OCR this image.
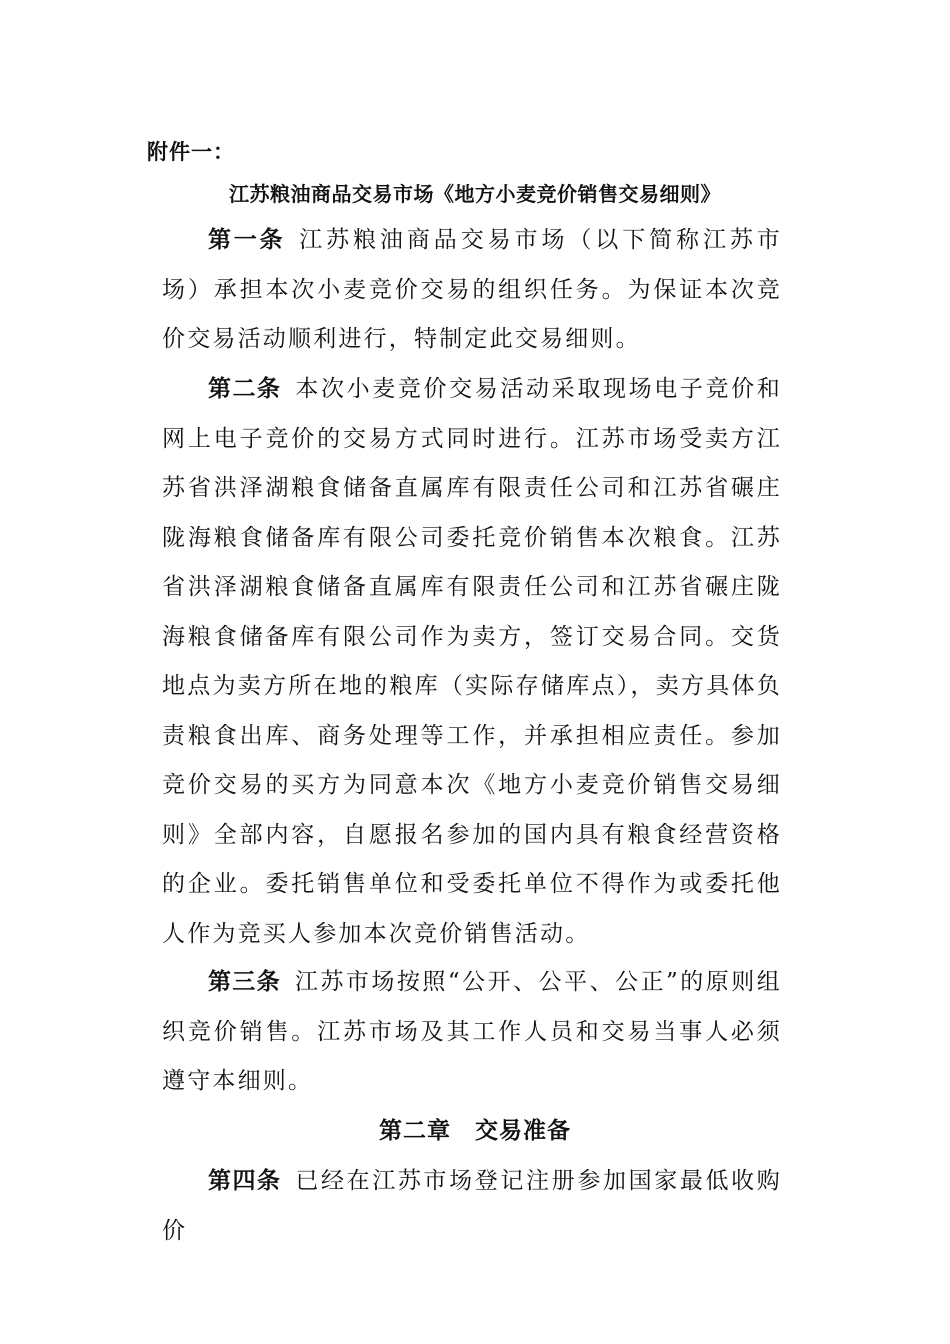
附件一：
江苏粮油商品交易市场《地方小麦竞价销售交易细则》

第一条 江苏粮油商品交易市场（以下简称江苏市场）承担本次小麦竞价交易的组织任务。为保证本次竞价交易活动顺利进行，特制定此交易细则。

第二条 本次小麦竞价交易活动采取现场电子竞价和网上电子竞价的交易方式同时进行。江苏市场受卖方江苏省洪泽湖粮食储备直属库有限责任公司和江苏省碾庄陇海粮食储备库有限公司委托竞价销售本次粮食。江苏省洪泽湖粮食储备直属库有限责任公司和江苏省碾庄陇海粮食储备库有限公司作为卖方，签订交易合同。交货地点为卖方所在地的粮库（实际存储库点），卖方具体负责粮食出库、商务处理等工作，并承担相应责任。参加竞价交易的买方为同意本次《地方小麦竞价销售交易细则》全部内容，自愿报名参加的国内具有粮食经营资格的企业。委托销售单位和受委托单位不得作为或委托他人作为竞买人参加本次竞价销售活动。

第三条 江苏市场按照“公开、公平、公正”的原则组织竞价销售。江苏市场及其工作人员和交易当事人必须遵守本细则。

第二章　交易准备

第四条 已经在江苏市场登记注册参加国家最低收购价
